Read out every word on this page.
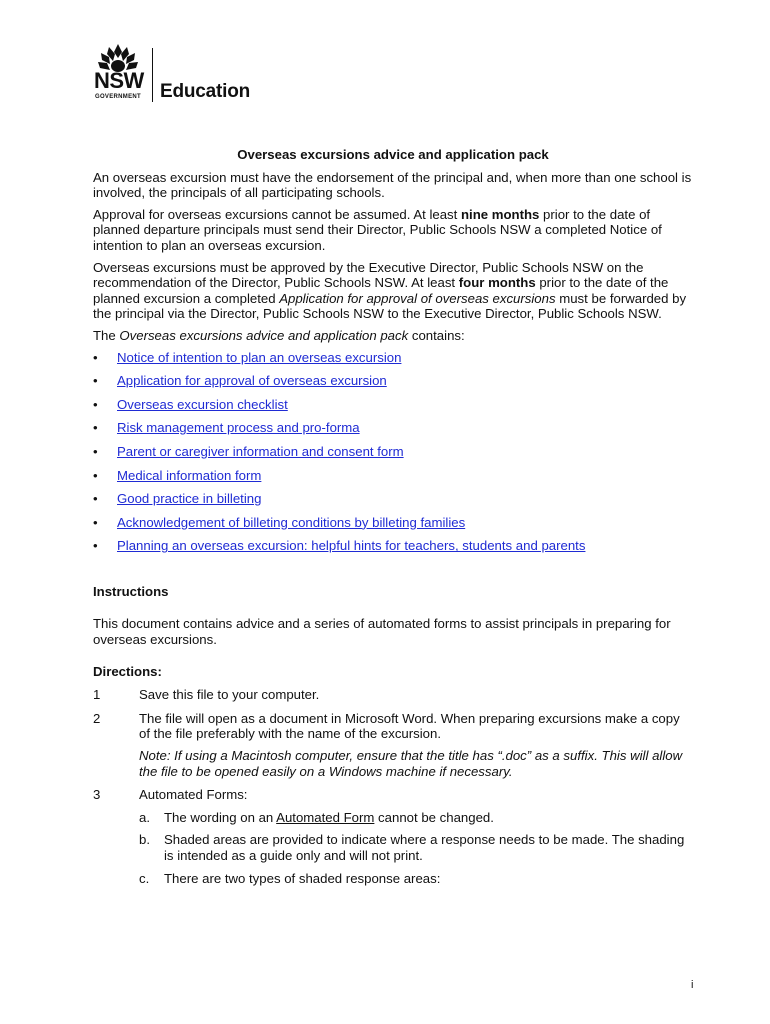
NSW
GOVERNMENT Education
Overseas excursions advice and application pack

An overseas excursion must have the endorsement of the principal and, when more than one school is involved, the principals of all participating schools.

Approval for overseas excursions cannot be assumed. At least nine months prior to the date of planned departure principals must send their Director, Public Schools NSW a completed Notice of intention to plan an overseas excursion.

Overseas excursions must be approved by the Executive Director, Public Schools NSW on the recommendation of the Director, Public Schools NSW. At least four months prior to the date of the planned excursion a completed Application for approval of overseas excursions must be forwarded by the principal via the Director, Public Schools NSW to the Executive Director, Public Schools NSW.

The Overseas excursions advice and application pack contains:

• Notice of intention to plan an overseas excursion
• Application for approval of overseas excursion
• Overseas excursion checklist
• Risk management process and pro-forma
• Parent or caregiver information and consent form
• Medical information form
• Good practice in billeting
• Acknowledgement of billeting conditions by billeting families
• Planning an overseas excursion: helpful hints for teachers, students and parents
Instructions

This document contains advice and a series of automated forms to assist principals in preparing for overseas excursions.

Directions:
1	Save this file to your computer.
2	The file will open as a document in Microsoft Word. When preparing excursions make a copy of the file preferably with the name of the excursion.
Note: If using a Macintosh computer, ensure that the title has “.doc” as a suffix. This will allow the file to be opened easily on a Windows machine if necessary.
3	Automated Forms:
a. The wording on an Automated Form cannot be changed.
b. Shaded areas are provided to indicate where a response needs to be made. The shading is intended as a guide only and will not print.
c. There are two types of shaded response areas:
i
